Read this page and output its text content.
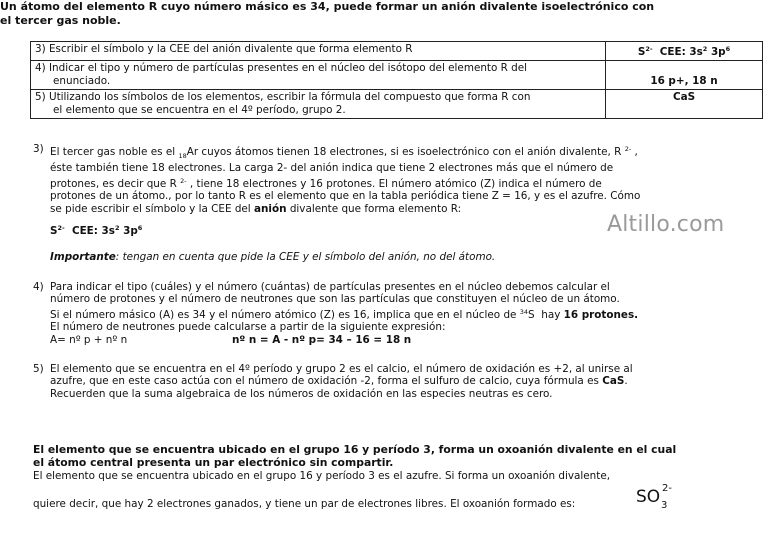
Un átomo del elemento R cuyo número másico es 34, puede formar un anión divalente isoelectrónico con
el tercer gas noble.
3) Escribir el símbolo y la CEE del anión divalente que forma elemento R	$S^{2-}$  CEE: $3s^2$ $3p^6$
4) Indicar el tipo y número de partículas presentes en el núcleo del isótopo del elemento R del
enunciado.	16 p+, 18 n
5) Utilizando los símbolos de los elementos, escribir la fórmula del compuesto que forma R con
el elemento que se encuentra en el 4º período, grupo 2.	CaS
3) El tercer gas noble es el $_{18}$Ar cuyos átomos tienen 18 electrones, si es isoelectrónico con el anión divalente, R $^{2-}$ ,
éste también tiene 18 electrones. La carga 2- del anión indica que tiene 2 electrones más que el número de
protones, es decir que R $^{2-}$ , tiene 18 electrones y 16 protones. El número atómico (Z) indica el número de
protones de un átomo., por lo tanto R es el elemento que en la tabla periódica tiene Z = 16, y es el azufre. Cómo
se pide escribir el símbolo y la CEE del anión divalente que forma elemento R:
$S^{2-}$  CEE: $3s^2$ $3p^6$
Importante: tengan en cuenta que pide la CEE y el símbolo del anión, no del átomo.
Altillo.com
4) Para indicar el tipo (cuáles) y el número (cuántas) de partículas presentes en el núcleo debemos calcular el
número de protones y el número de neutrones que son las partículas que constituyen el núcleo de un átomo.
Si el número másico (A) es 34 y el número atómico (Z) es 16, implica que en el núcleo de $^{34}$S  hay 16 protones.
El número de neutrones puede calcularse a partir de la siguiente expresión:
A= nº p + nº n	nº n = A - nº p= 34 – 16 = 18 n
5) El elemento que se encuentra en el 4º período y grupo 2 es el calcio, el número de oxidación es +2, al unirse al
azufre, que en este caso actúa con el número de oxidación -2, forma el sulfuro de calcio, cuya fórmula es CaS.
Recuerden que la suma algebraica de los números de oxidación en las especies neutras es cero.
El elemento que se encuentra ubicado en el grupo 16 y período 3, forma un oxoanión divalente en el cual
el átomo central presenta un par electrónico sin compartir.
El elemento que se encuentra ubicado en el grupo 16 y período 3 es el azufre. Si forma un oxoanión divalente,
quiere decir, que hay 2 electrones ganados, y tiene un par de electrones libres. El oxoanión formado es:	SO 2-
3
